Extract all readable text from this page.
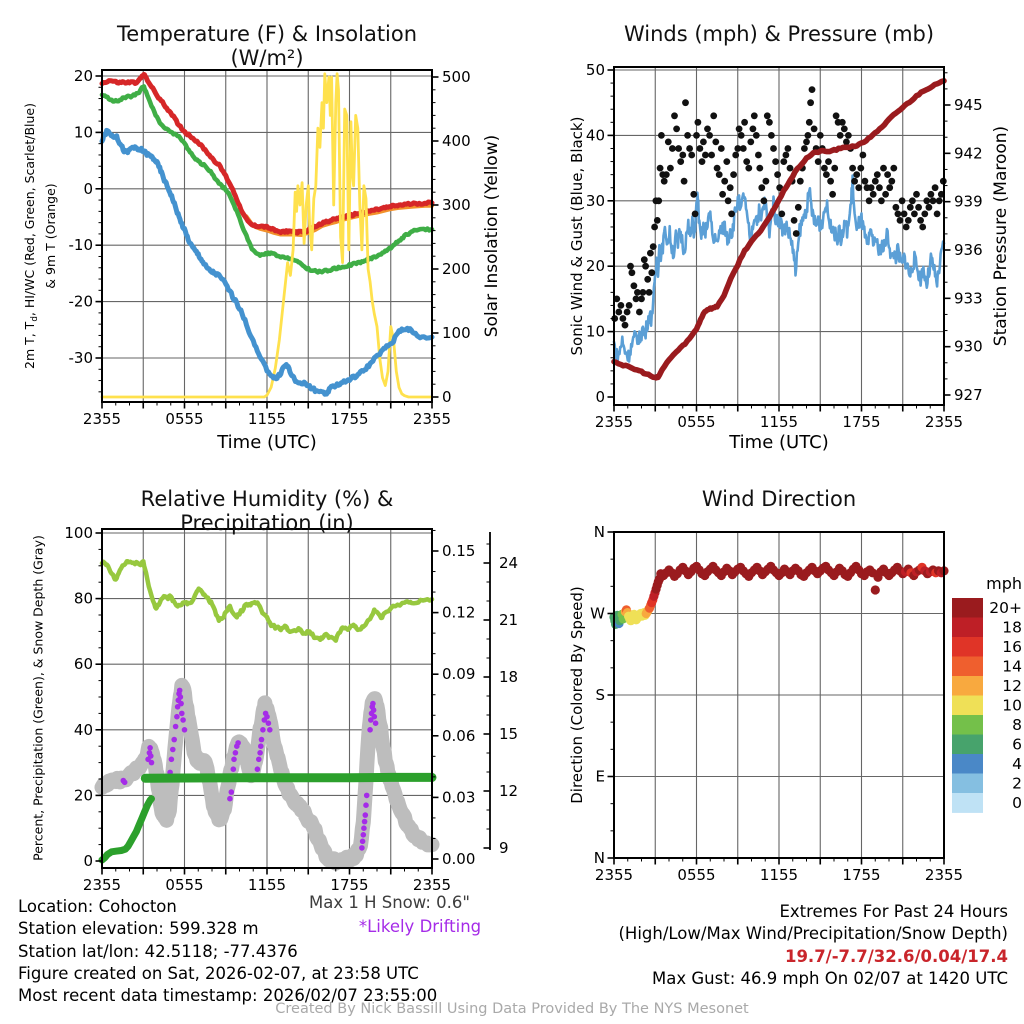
2355	0555	1155	1755	2355
20
10
0
-10
-20
-30
0
100
200
300
400
500
2355	0555	1155	1755	2355
0
10
20
30
40
50
927
930
933
936
939
942
945
2355	0555	1155	1755	2355
0
20
40
60
80
100
0.00
0.03
0.06
0.09
0.12
0.15
9
12
15
18
21
24
2355	0555	1155	1755	2355
N
W
S
E
N
mph
20+
18
16
14
12
10
8
6
4
2
0
Temperature (F) & Insolation (W/m²)
Winds (mph) & Pressure (mb)
Relative Humidity (%) & Precipitation (in)
Wind Direction
Time (UTC)	Time (UTC)
2m T, $T_d$, HI/WC (Red, Green, Scarlet/Blue) & 9m T (Orange)	Solar Insolation (Yellow)	Sonic Wind & Gust (Blue, Black)	Station Pressure (Maroon)
Percent, Precipitation (Green), & Snow Depth (Gray)	Direction (Colored By Speed)
Location: Cohocton
Station elevation: 599.328 m
Station lat/lon: 42.5118; -77.4376
Figure created on Sat, 2026-02-07, at 23:58 UTC
Most recent data timestamp: 2026/02/07 23:55:00
Max 1 H Snow: 0.6"
*Likely Drifting
Extremes For Past 24 Hours
(High/Low/Max Wind/Precipitation/Snow Depth)
19.7/-7.7/32.6/0.04/17.4
Max Gust: 46.9 mph On 02/07 at 1420 UTC
Created By Nick Bassill Using Data Provided By The NYS Mesonet
